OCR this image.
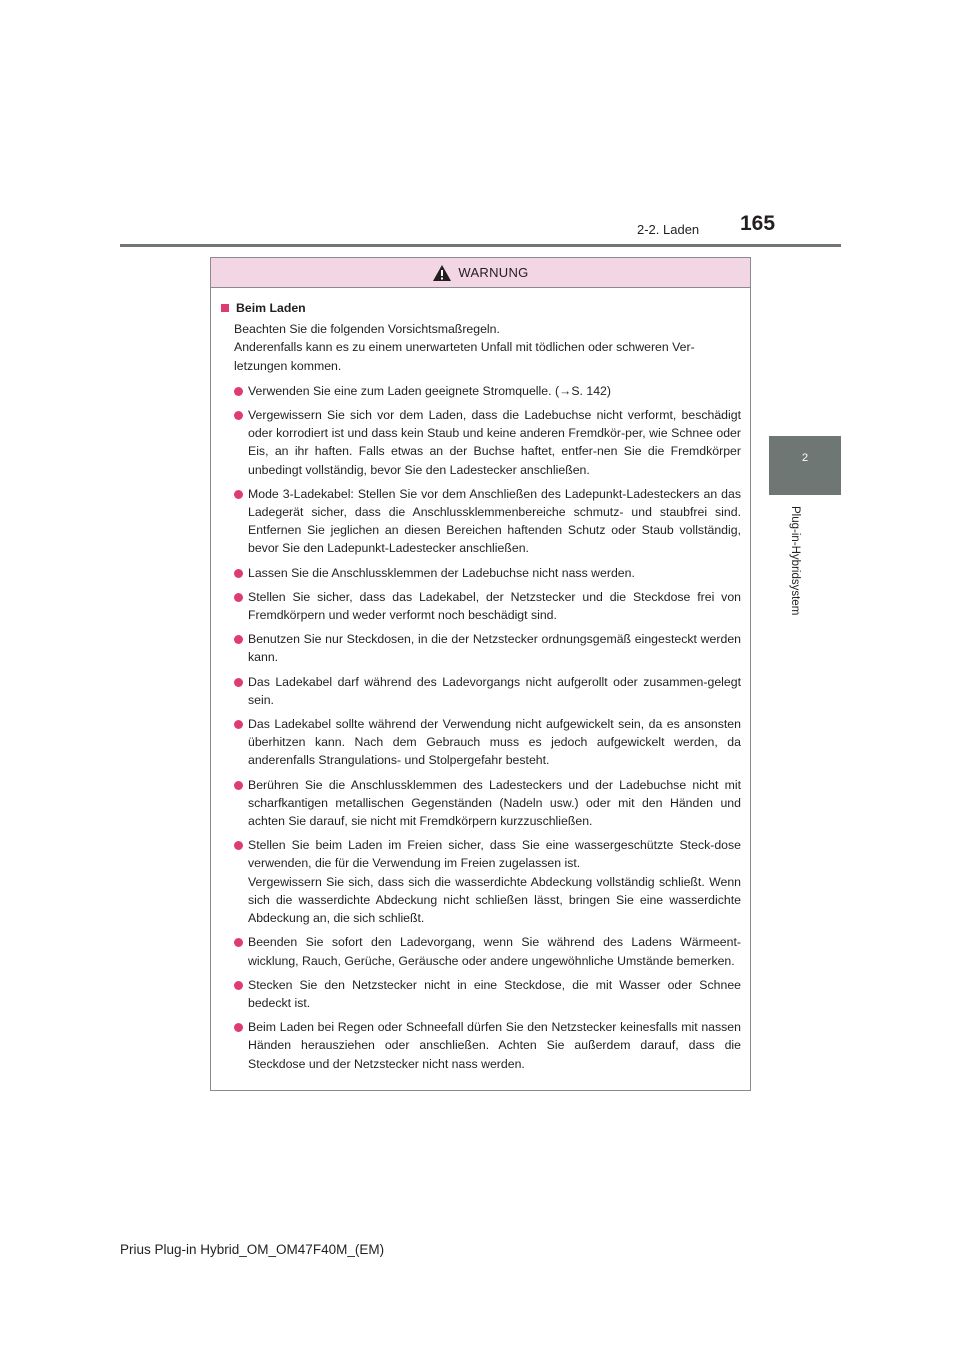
2-2. Laden 165
2
Plug-in-Hybridsystem
WARNUNG
Beim Laden

Beachten Sie die folgenden Vorsichtsmaßregeln.

Anderenfalls kann es zu einem unerwarteten Unfall mit tödlichen oder schweren Ver-letzungen kommen.

Verwenden Sie eine zum Laden geeignete Stromquelle. (→S. 142)
Vergewissern Sie sich vor dem Laden, dass die Ladebuchse nicht verformt, beschädigt oder korrodiert ist und dass kein Staub und keine anderen Fremdkör-per, wie Schnee oder Eis, an ihr haften. Falls etwas an der Buchse haftet, entfer-nen Sie die Fremdkörper unbedingt vollständig, bevor Sie den Ladestecker anschließen.
Mode 3-Ladekabel: Stellen Sie vor dem Anschließen des Ladepunkt-Ladesteckers an das Ladegerät sicher, dass die Anschlussklemmenbereiche schmutz- und staubfrei sind. Entfernen Sie jeglichen an diesen Bereichen haftenden Schutz oder Staub vollständig, bevor Sie den Ladepunkt-Ladestecker anschließen.
Lassen Sie die Anschlussklemmen der Ladebuchse nicht nass werden.
Stellen Sie sicher, dass das Ladekabel, der Netzstecker und die Steckdose frei von Fremdkörpern und weder verformt noch beschädigt sind.
Benutzen Sie nur Steckdosen, in die der Netzstecker ordnungsgemäß eingesteckt werden kann.
Das Ladekabel darf während des Ladevorgangs nicht aufgerollt oder zusammen-gelegt sein.
Das Ladekabel sollte während der Verwendung nicht aufgewickelt sein, da es ansonsten überhitzen kann. Nach dem Gebrauch muss es jedoch aufgewickelt werden, da anderenfalls Strangulations- und Stolpergefahr besteht.
Berühren Sie die Anschlussklemmen des Ladesteckers und der Ladebuchse nicht mit scharfkantigen metallischen Gegenständen (Nadeln usw.) oder mit den Händen und achten Sie darauf, sie nicht mit Fremdkörpern kurzzuschließen.
Stellen Sie beim Laden im Freien sicher, dass Sie eine wassergeschützte Steck-dose verwenden, die für die Verwendung im Freien zugelassen ist.
Vergewissern Sie sich, dass sich die wasserdichte Abdeckung vollständig schließt. Wenn sich die wasserdichte Abdeckung nicht schließen lässt, bringen Sie eine wasserdichte Abdeckung an, die sich schließt.
Beenden Sie sofort den Ladevorgang, wenn Sie während des Ladens Wärmeent-wicklung, Rauch, Gerüche, Geräusche oder andere ungewöhnliche Umstände bemerken.
Stecken Sie den Netzstecker nicht in eine Steckdose, die mit Wasser oder Schnee bedeckt ist.
Beim Laden bei Regen oder Schneefall dürfen Sie den Netzstecker keinesfalls mit nassen Händen herausziehen oder anschließen. Achten Sie außerdem darauf, dass die Steckdose und der Netzstecker nicht nass werden.
Prius Plug-in Hybrid_OM_OM47F40M_(EM)
